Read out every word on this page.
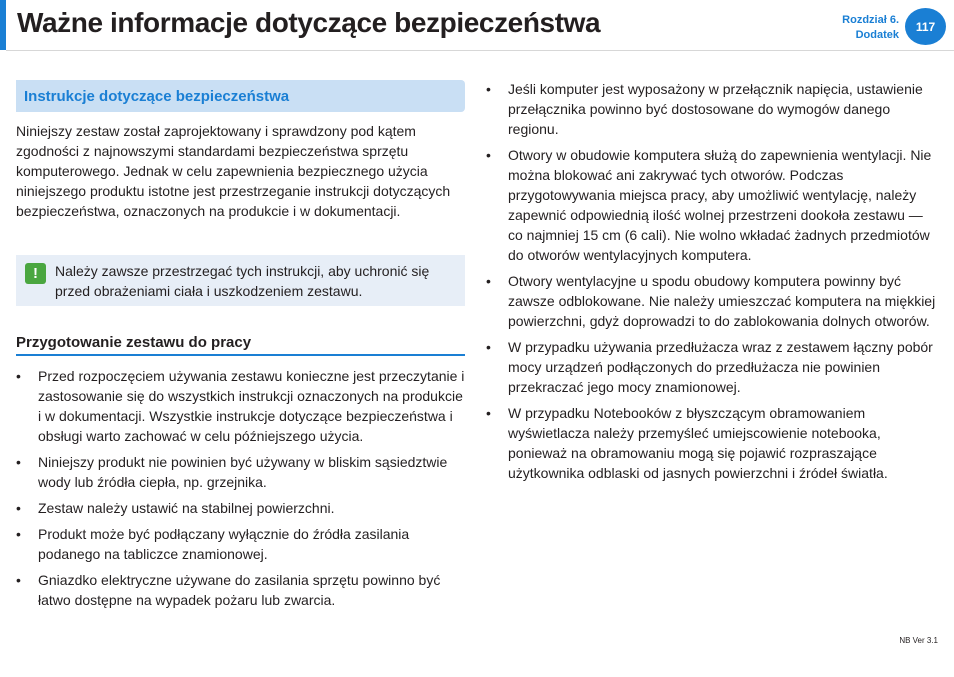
Ważne informacje dotyczące bezpieczeństwa	Rozdział 6.
Dodatek
117
Instrukcje dotyczące bezpieczeństwa

Niniejszy zestaw został zaprojektowany i sprawdzony pod kątem zgodności z najnowszymi standardami bezpieczeństwa sprzętu komputerowego. Jednak w celu zapewnienia bezpiecznego użycia niniejszego produktu istotne jest przestrzeganie instrukcji dotyczących bezpieczeństwa, oznaczonych na produkcie i w dokumentacji.

!	Należy zawsze przestrzegać tych instrukcji, aby uchronić się przed obrażeniami ciała i uszkodzeniem zestawu.
Przygotowanie zestawu do pracy
• Przed rozpoczęciem używania zestawu konieczne jest przeczytanie i zastosowanie się do wszystkich instrukcji oznaczonych na produkcie i w dokumentacji. Wszystkie instrukcje dotyczące bezpieczeństwa i obsługi warto zachować w celu późniejszego użycia.
• Niniejszy produkt nie powinien być używany w bliskim sąsiedztwie wody lub źródła ciepła, np. grzejnika.
• Zestaw należy ustawić na stabilnej powierzchni.
• Produkt może być podłączany wyłącznie do źródła zasilania podanego na tabliczce znamionowej.
• Gniazdko elektryczne używane do zasilania sprzętu powinno być łatwo dostępne na wypadek pożaru lub zwarcia.
• Jeśli komputer jest wyposażony w przełącznik napięcia, ustawienie przełącznika powinno być dostosowane do wymogów danego regionu.
• Otwory w obudowie komputera służą do zapewnienia wentylacji. Nie można blokować ani zakrywać tych otworów. Podczas przygotowywania miejsca pracy, aby umożliwić wentylację, należy zapewnić odpowiednią ilość wolnej przestrzeni dookoła zestawu — co najmniej 15 cm (6 cali). Nie wolno wkładać żadnych przedmiotów do otworów wentylacyjnych komputera.
• Otwory wentylacyjne u spodu obudowy komputera powinny być zawsze odblokowane. Nie należy umieszczać komputera na miękkiej powierzchni, gdyż doprowadzi to do zablokowania dolnych otworów.
• W przypadku używania przedłużacza wraz z zestawem łączny pobór mocy urządzeń podłączonych do przedłużacza nie powinien przekraczać jego mocy znamionowej.
• W przypadku Notebooków z błyszczącym obramowaniem wyświetlacza należy przemyśleć umiejscowienie notebooka, ponieważ na obramowaniu mogą się pojawić rozpraszające użytkownika odblaski od jasnych powierzchni i źródeł światła.
NB Ver 3.1
